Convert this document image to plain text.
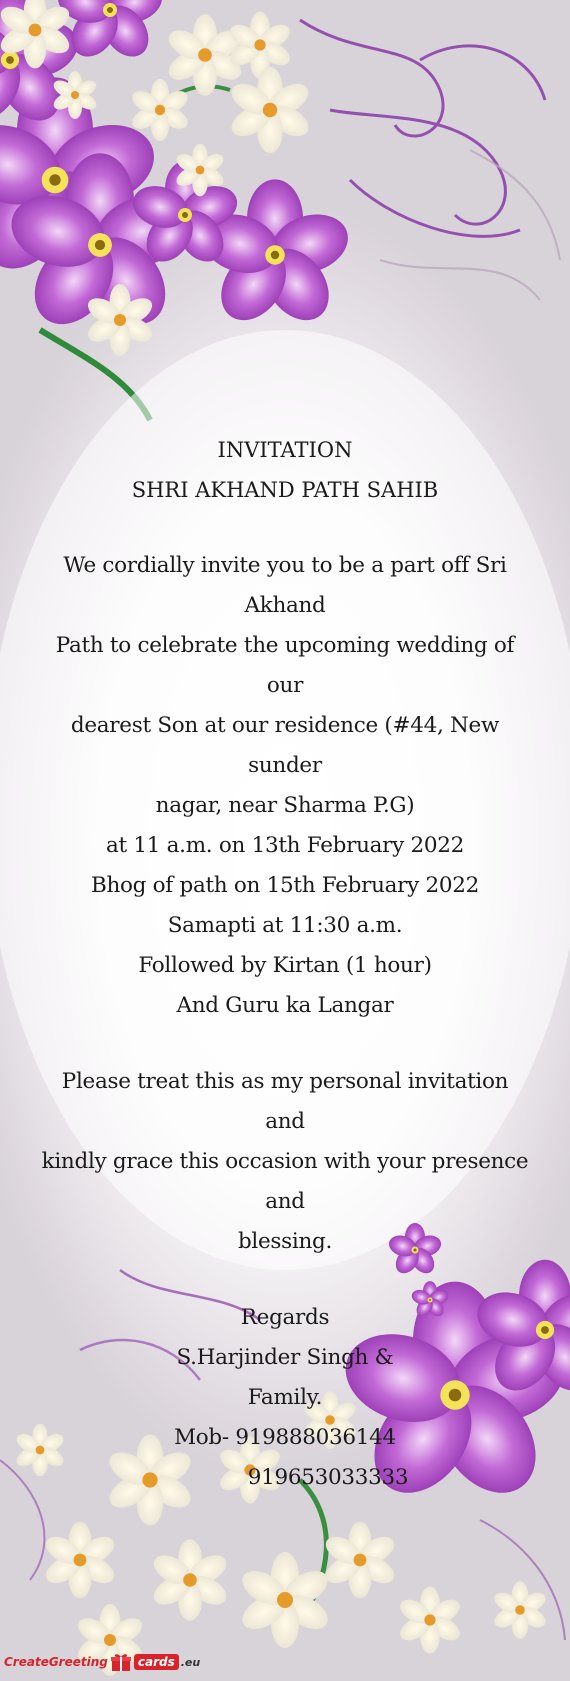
INVITATION
SHRI AKHAND PATH SAHIB
We cordially invite you to be a part off Sri Akhand
Path to celebrate the upcoming wedding of our
dearest Son at our residence (#44, New sunder
nagar, near Sharma P.G)
at 11 a.m. on 13th February 2022
Bhog of path on 15th February 2022
Samapti at 11:30 a.m.
Followed by Kirtan (1 hour)
And Guru ka Langar
Please treat this as my personal invitation and
kindly grace this occasion with your presence and
blessing.
Regards
S.Harjinder Singh &
Family.
Mob- 919888036144
919653033333
CreateGreeting	cards .eu
